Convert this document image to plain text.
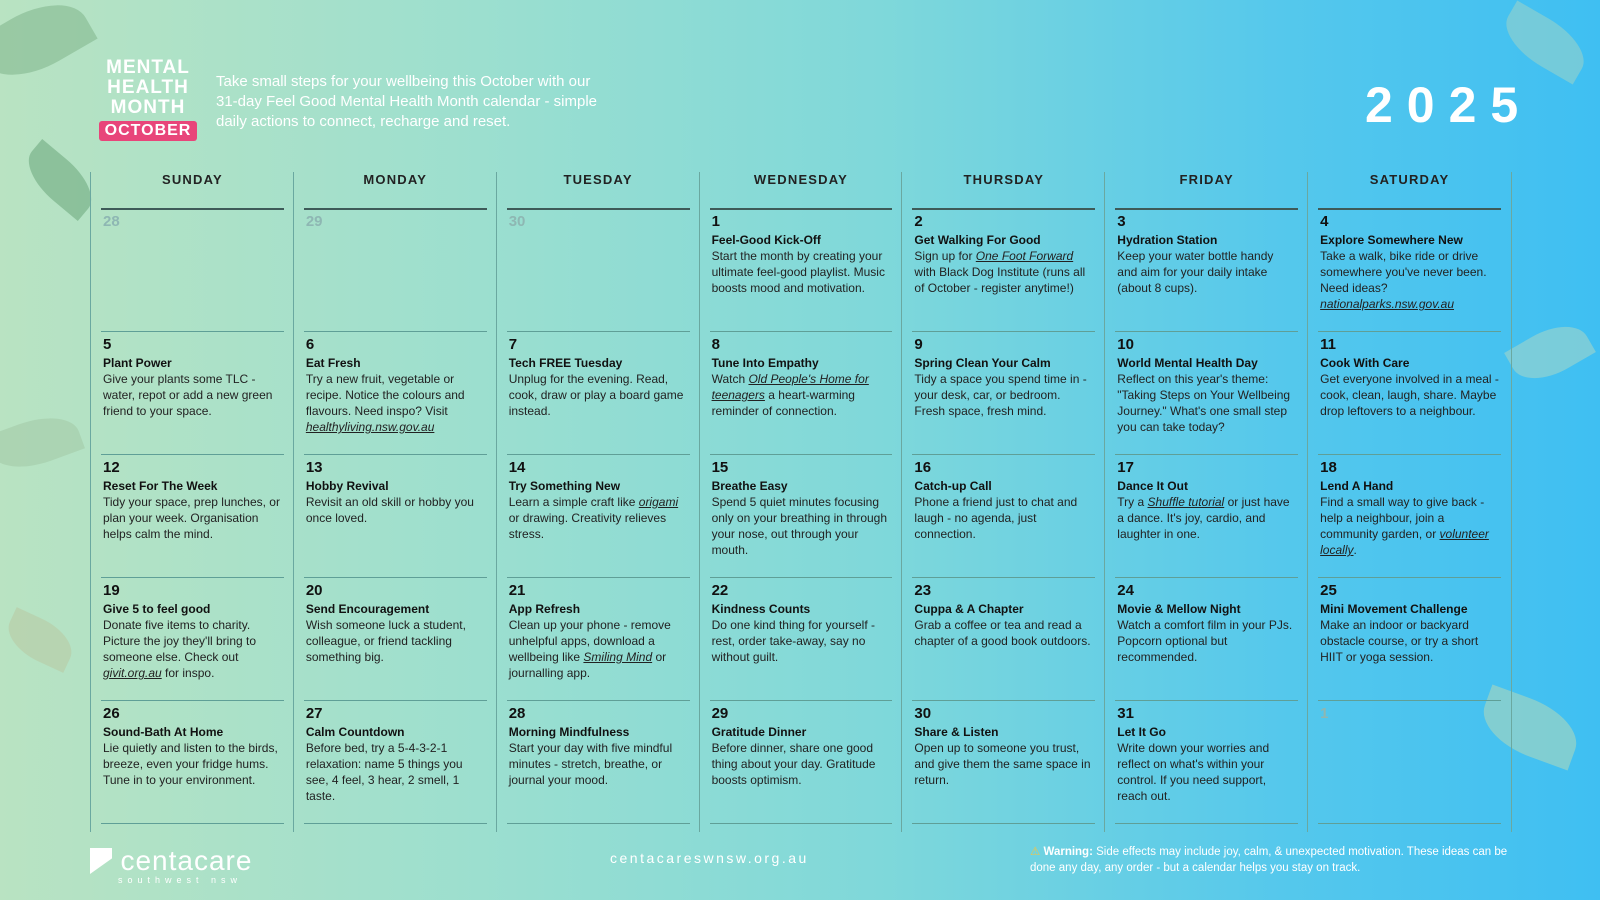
MENTAL
HEALTH
MONTH
OCTOBER
Take small steps for your wellbeing this October with our 31-day Feel Good Mental Health Month calendar - simple daily actions to connect, recharge and reset.	2025
SUNDAY
28
5
Plant Power
Give your plants some TLC - water, repot or add a new green friend to your space.
12
Reset For The Week
Tidy your space, prep lunches, or plan your week. Organisation helps calm the mind.
19
Give 5 to feel good
Donate five items to charity. Picture the joy they'll bring to someone else. Check out givit.org.au for inspo.
26
Sound-Bath At Home
Lie quietly and listen to the birds, breeze, even your fridge hums. Tune in to your environment.
MONDAY
29
6
Eat Fresh
Try a new fruit, vegetable or recipe. Notice the colours and flavours. Need inspo? Visit healthyliving.nsw.gov.au
13
Hobby Revival
Revisit an old skill or hobby you once loved.
20
Send Encouragement
Wish someone luck a student, colleague, or friend tackling something big.
27
Calm Countdown
Before bed, try a 5-4-3-2-1 relaxation: name 5 things you see, 4 feel, 3 hear, 2 smell, 1 taste.
TUESDAY
30
7
Tech FREE Tuesday
Unplug for the evening. Read, cook, draw or play a board game instead.
14
Try Something New
Learn a simple craft like origami or drawing. Creativity relieves stress.
21
App Refresh
Clean up your phone - remove unhelpful apps, download a wellbeing like Smiling Mind or journalling app.
28
Morning Mindfulness
Start your day with five mindful minutes - stretch, breathe, or journal your mood.
WEDNESDAY
1
Feel-Good Kick-Off
Start the month by creating your ultimate feel-good playlist. Music boosts mood and motivation.
8
Tune Into Empathy
Watch Old People's Home for teenagers a heart-warming reminder of connection.
15
Breathe Easy
Spend 5 quiet minutes focusing only on your breathing in through your nose, out through your mouth.
22
Kindness Counts
Do one kind thing for yourself - rest, order take-away, say no without guilt.
29
Gratitude Dinner
Before dinner, share one good thing about your day. Gratitude boosts optimism.
THURSDAY
2
Get Walking For Good
Sign up for One Foot Forward with Black Dog Institute (runs all of October - register anytime!)
9
Spring Clean Your Calm
Tidy a space you spend time in - your desk, car, or bedroom. Fresh space, fresh mind.
16
Catch-up Call
Phone a friend just to chat and laugh - no agenda, just connection.
23
Cuppa & A Chapter
Grab a coffee or tea and read a chapter of a good book outdoors.
30
Share & Listen
Open up to someone you trust, and give them the same space in return.
FRIDAY
3
Hydration Station
Keep your water bottle handy and aim for your daily intake (about 8 cups).
10
World Mental Health Day
Reflect on this year's theme: "Taking Steps on Your Wellbeing Journey." What's one small step you can take today?
17
Dance It Out
Try a Shuffle tutorial or just have a dance. It's joy, cardio, and laughter in one.
24
Movie & Mellow Night
Watch a comfort film in your PJs. Popcorn optional but recommended.
31
Let It Go
Write down your worries and reflect on what's within your control. If you need support, reach out.
SATURDAY
4
Explore Somewhere New
Take a walk, bike ride or drive somewhere you've never been. Need ideas? nationalparks.nsw.gov.au
11
Cook With Care
Get everyone involved in a meal - cook, clean, laugh, share. Maybe drop leftovers to a neighbour.
18
Lend A Hand
Find a small way to give back - help a neighbour, join a community garden, or volunteer locally.
25
Mini Movement Challenge
Make an indoor or backyard obstacle course, or try a short HIIT or yoga session.
1
centacare
southwest nsw
centacareswnsw.org.au	⚠ Warning: Side effects may include joy, calm, & unexpected motivation. These ideas can be done any day, any order - but a calendar helps you stay on track.
